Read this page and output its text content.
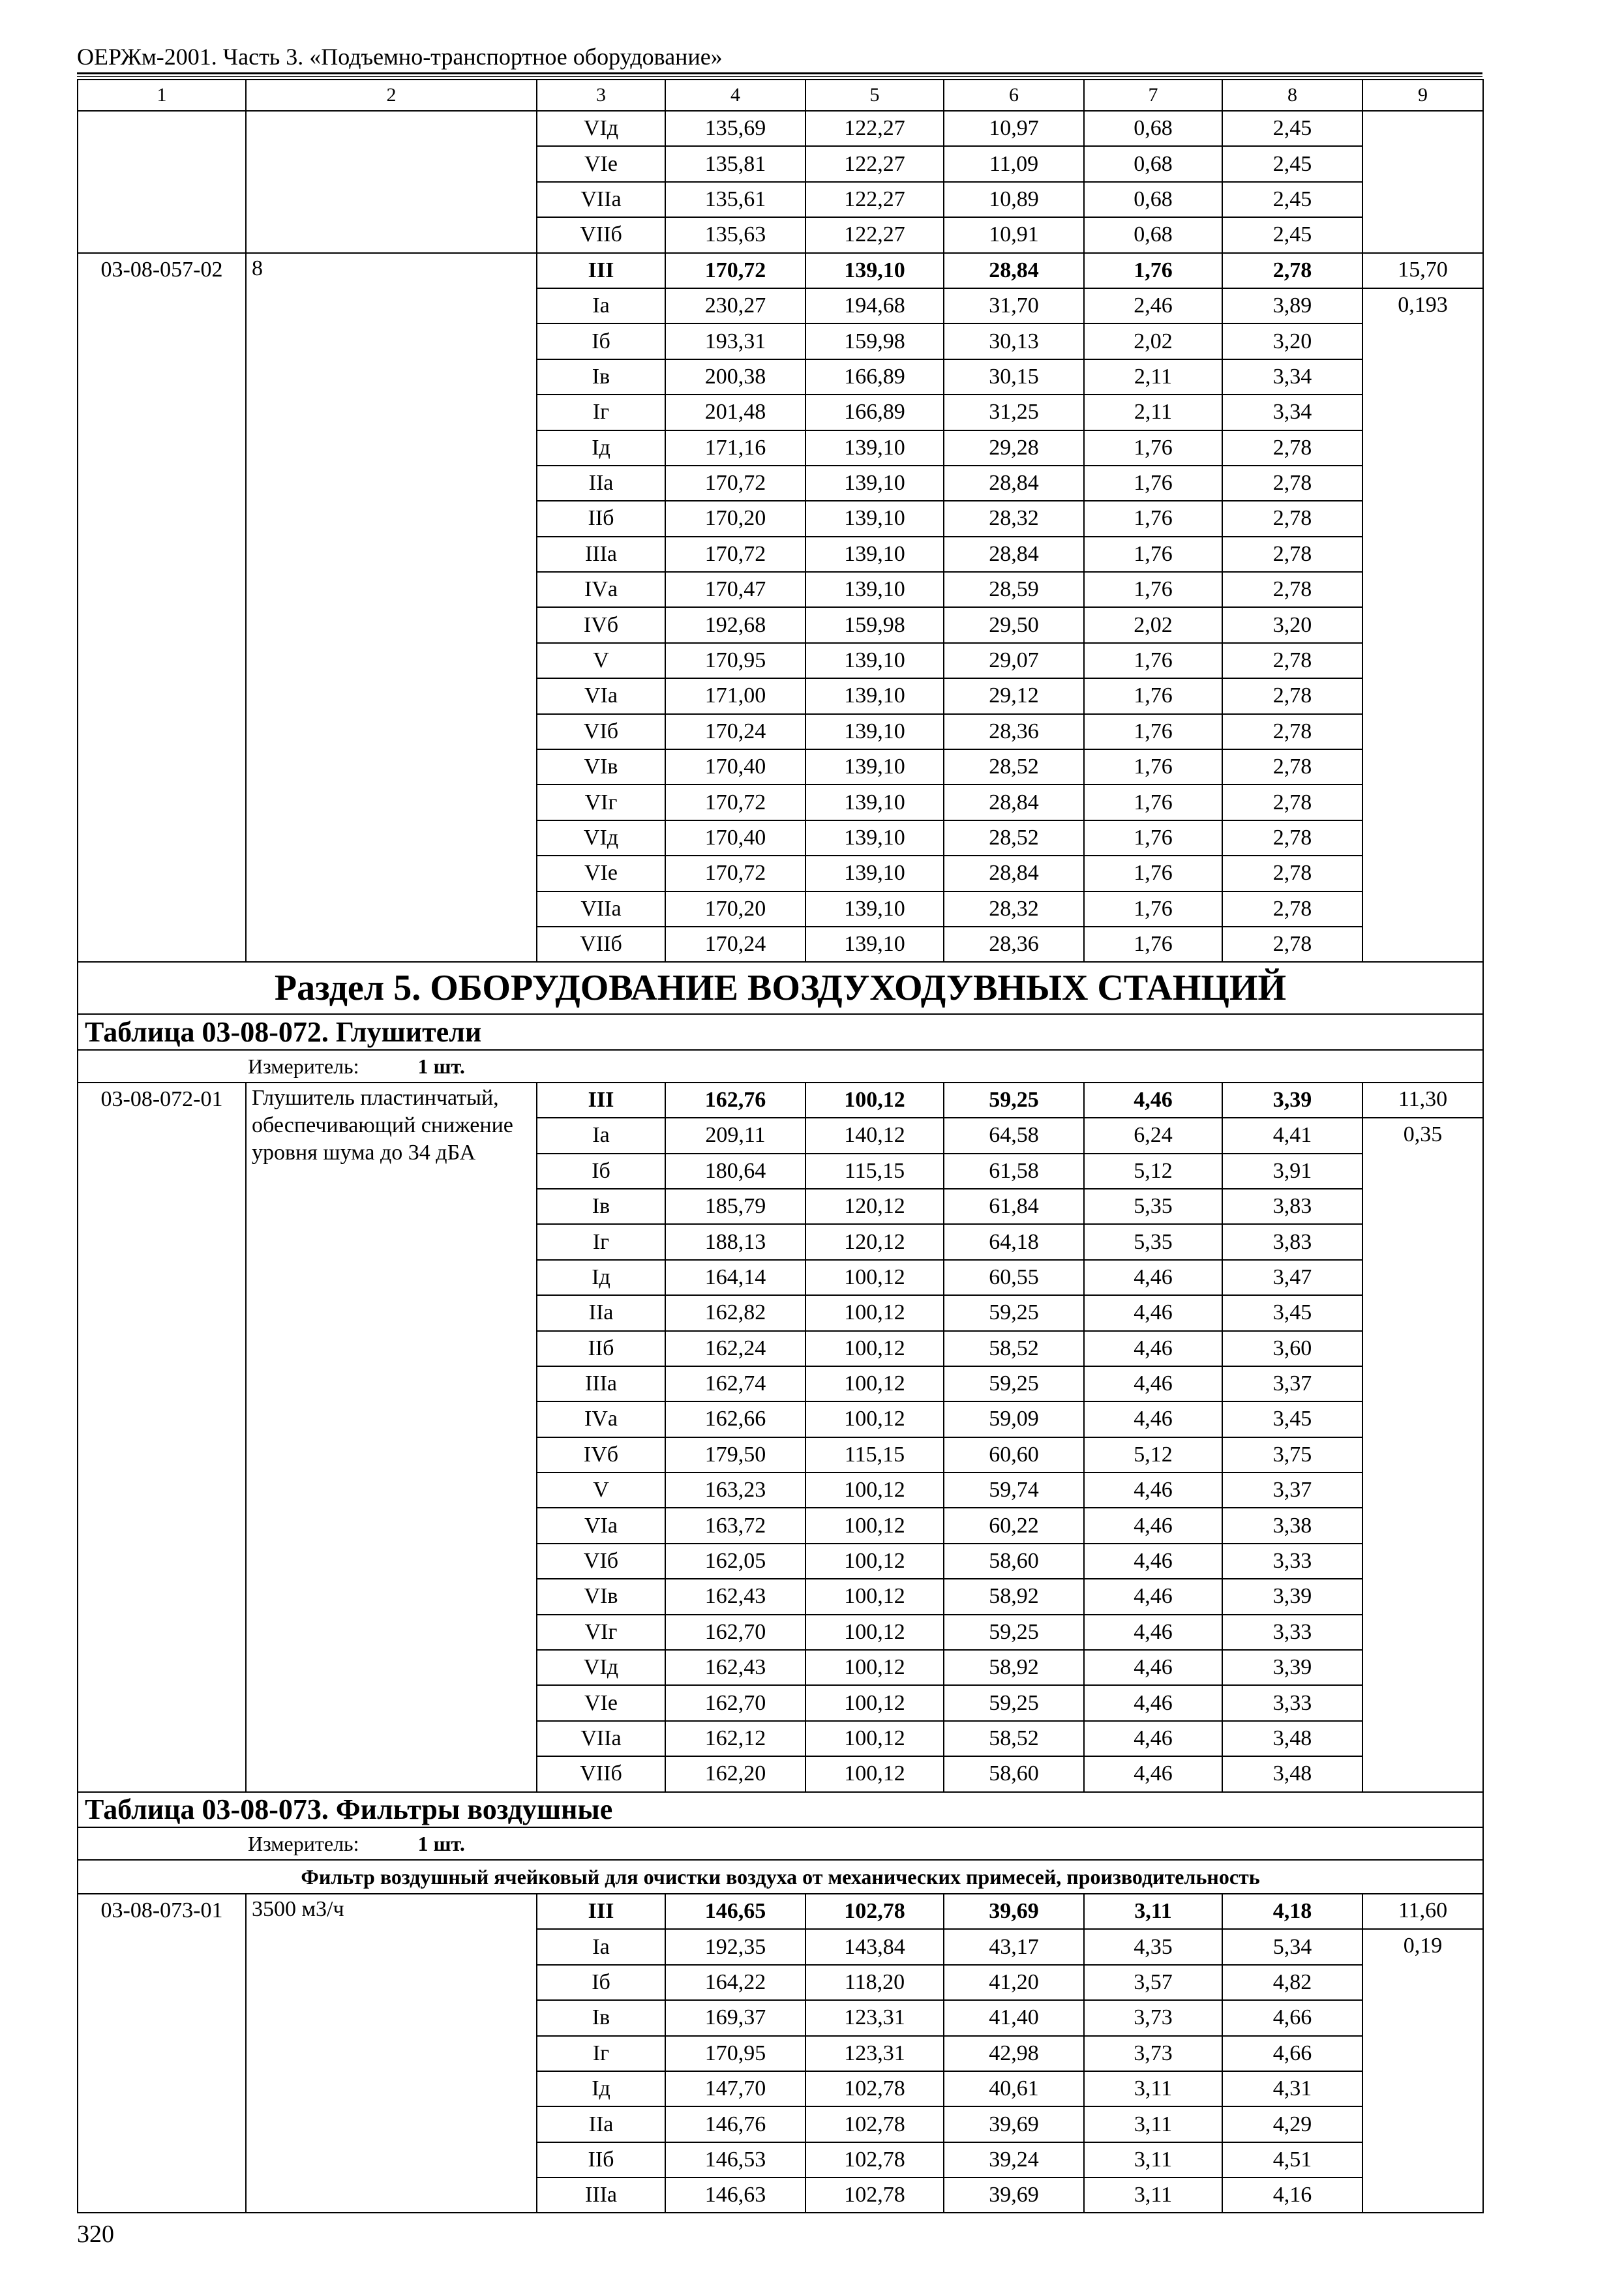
ОЕРЖм-2001. Часть 3. «Подъемно-транспортное оборудование»
1	2	3	4	5	6	7	8	9
		VIд	135,69	122,27	10,97	0,68	2,45	
		VIе	135,81	122,27	11,09	0,68	2,45	
		VIIа	135,61	122,27	10,89	0,68	2,45	
		VIIб	135,63	122,27	10,91	0,68	2,45	
03-08-057-02	8	III	170,72	139,10	28,84	1,76	2,78	15,70
		Iа	230,27	194,68	31,70	2,46	3,89	0,193
		Iб	193,31	159,98	30,13	2,02	3,20	
		Iв	200,38	166,89	30,15	2,11	3,34	
		Iг	201,48	166,89	31,25	2,11	3,34	
		Iд	171,16	139,10	29,28	1,76	2,78	
		IIа	170,72	139,10	28,84	1,76	2,78	
		IIб	170,20	139,10	28,32	1,76	2,78	
		IIIа	170,72	139,10	28,84	1,76	2,78	
		IVа	170,47	139,10	28,59	1,76	2,78	
		IVб	192,68	159,98	29,50	2,02	3,20	
		V	170,95	139,10	29,07	1,76	2,78	
		VIа	171,00	139,10	29,12	1,76	2,78	
		VIб	170,24	139,10	28,36	1,76	2,78	
		VIв	170,40	139,10	28,52	1,76	2,78	
		VIг	170,72	139,10	28,84	1,76	2,78	
		VIд	170,40	139,10	28,52	1,76	2,78	
		VIе	170,72	139,10	28,84	1,76	2,78	
		VIIа	170,20	139,10	28,32	1,76	2,78	
		VIIб	170,24	139,10	28,36	1,76	2,78	
Раздел 5. ОБОРУДОВАНИЕ ВОЗДУХОДУВНЫХ СТАНЦИЙ								
Таблица 03-08-072. Глушители								
Измеритель: 1 шт.								
03-08-072-01	Глушитель пластинчатый, обеспечивающий снижение уровня шума до 34 дБА	III	162,76	100,12	59,25	4,46	3,39	11,30
		Iа	209,11	140,12	64,58	6,24	4,41	0,35
		Iб	180,64	115,15	61,58	5,12	3,91	
		Iв	185,79	120,12	61,84	5,35	3,83	
		Iг	188,13	120,12	64,18	5,35	3,83	
		Iд	164,14	100,12	60,55	4,46	3,47	
		IIа	162,82	100,12	59,25	4,46	3,45	
		IIб	162,24	100,12	58,52	4,46	3,60	
		IIIа	162,74	100,12	59,25	4,46	3,37	
		IVа	162,66	100,12	59,09	4,46	3,45	
		IVб	179,50	115,15	60,60	5,12	3,75	
		V	163,23	100,12	59,74	4,46	3,37	
		VIа	163,72	100,12	60,22	4,46	3,38	
		VIб	162,05	100,12	58,60	4,46	3,33	
		VIв	162,43	100,12	58,92	4,46	3,39	
		VIг	162,70	100,12	59,25	4,46	3,33	
		VIд	162,43	100,12	58,92	4,46	3,39	
		VIе	162,70	100,12	59,25	4,46	3,33	
		VIIа	162,12	100,12	58,52	4,46	3,48	
		VIIб	162,20	100,12	58,60	4,46	3,48	
Таблица 03-08-073. Фильтры воздушные								
Измеритель: 1 шт.								
Фильтр воздушный ячейковый для очистки воздуха от механических примесей, производительность								
03-08-073-01	3500 м3/ч	III	146,65	102,78	39,69	3,11	4,18	11,60
		Iа	192,35	143,84	43,17	4,35	5,34	0,19
		Iб	164,22	118,20	41,20	3,57	4,82	
		Iв	169,37	123,31	41,40	3,73	4,66	
		Iг	170,95	123,31	42,98	3,73	4,66	
		Iд	147,70	102,78	40,61	3,11	4,31	
		IIа	146,76	102,78	39,69	3,11	4,29	
		IIб	146,53	102,78	39,24	3,11	4,51	
		IIIа	146,63	102,78	39,69	3,11	4,16	
320
